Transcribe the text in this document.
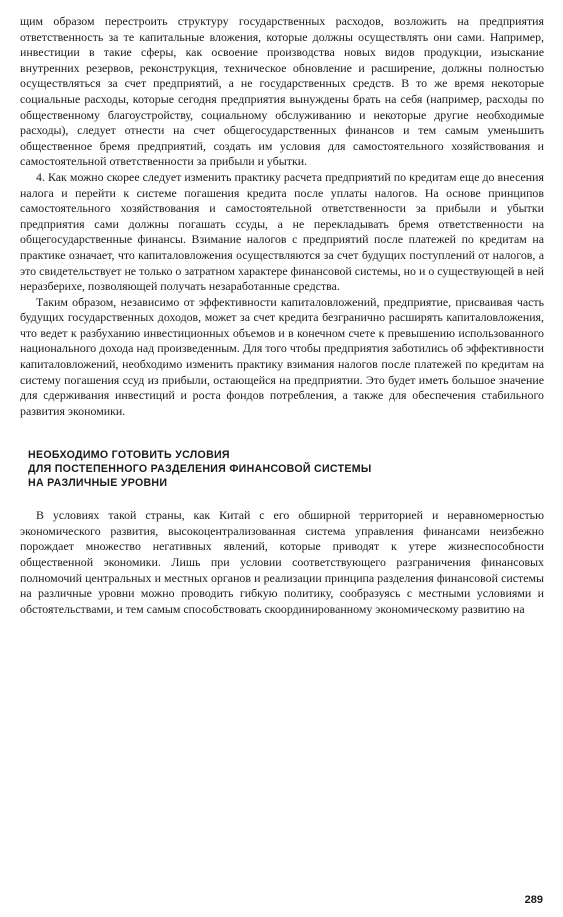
щим образом перестроить структуру государственных расходов, возложить на предприятия ответственность за те капитальные вложения, которые должны осуществлять они сами. Например, инвестиции в такие сферы, как освоение производства новых видов продукции, изыскание внутренних резервов, реконструкция, техническое обновление и расширение, должны полностью осуществляться за счет предприятий, а не государственных средств. В то же время некоторые социальные расходы, которые сегодня предприятия вынуждены брать на себя (например, расходы по общественному благоустройству, социальному обслуживанию и некоторые другие необходимые расходы), следует отнести на счет общегосударственных финансов и тем самым уменьшить общественное бремя предприятий, создать им условия для самостоятельного хозяйствования и самостоятельной ответственности за прибыли и убытки.

4. Как можно скорее следует изменить практику расчета предприятий по кредитам еще до внесения налога и перейти к системе погашения кредита после уплаты налогов. На основе принципов самостоятельного хозяйствования и самостоятельной ответственности за прибыли и убытки предприятия сами должны погашать ссуды, а не перекладывать бремя ответственности на общегосударственные финансы. Взимание налогов с предприятий после платежей по кредитам на практике означает, что капиталовложения осуществляются за счет будущих поступлений от налогов, а это свидетельствует не только о затратном характере финансовой системы, но и о существующей в ней неразберихе, позволяющей получать незаработанные средства.

Таким образом, независимо от эффективности капиталовложений, предприятие, присваивая часть будущих государственных доходов, может за счет кредита безгранично расширять капиталовложения, что ведет к разбуханию инвестиционных объемов и в конечном счете к превышению использованного национального дохода над произведенным. Для того чтобы предприятия заботились об эффективности капиталовложений, необходимо изменить практику взимания налогов после платежей по кредитам на систему погашения ссуд из прибыли, остающейся на предприятии. Это будет иметь большое значение для сдерживания инвестиций и роста фондов потребления, а также для обеспечения стабильного развития экономики.

НЕОБХОДИМО ГОТОВИТЬ УСЛОВИЯ
ДЛЯ ПОСТЕПЕННОГО РАЗДЕЛЕНИЯ ФИНАНСОВОЙ СИСТЕМЫ
НА РАЗЛИЧНЫЕ УРОВНИ

В условиях такой страны, как Китай с его обширной территорией и неравномерностью экономического развития, высокоцентрализованная система управления финансами неизбежно порождает множество негативных явлений, которые приводят к утере жизнеспособности общественной экономики. Лишь при условии соответствующего разграничения финансовых полномочий центральных и местных органов и реализации принципа разделения финансовой системы на различные уровни можно проводить гибкую политику, сообразуясь с местными условиями и обстоятельствами, и тем самым способствовать скоординированному экономическому развитию на

289
